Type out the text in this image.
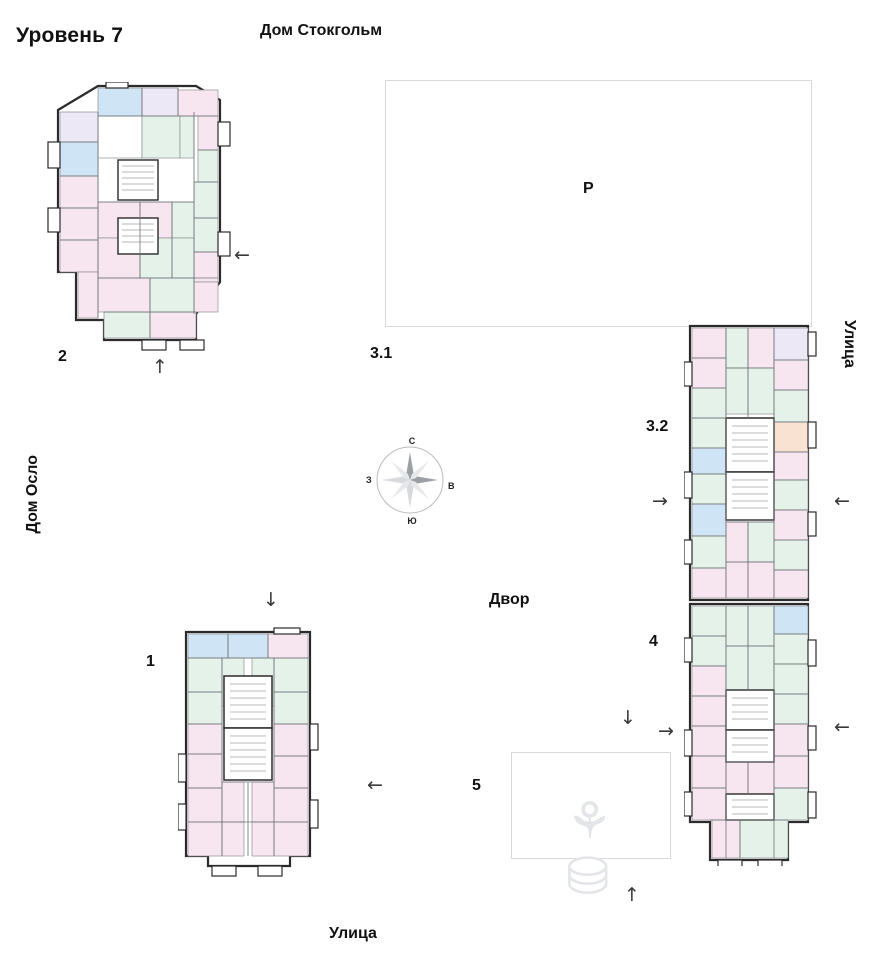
Уровень 7	Дом Стокгольм
Дом Осло
Улица
Улица
Двор
P
⚘⛁
3.1
3.2
4
5
1
2
С
Ю
З
В
←
↑
↓
←
→	←
↓
→	←
↑
